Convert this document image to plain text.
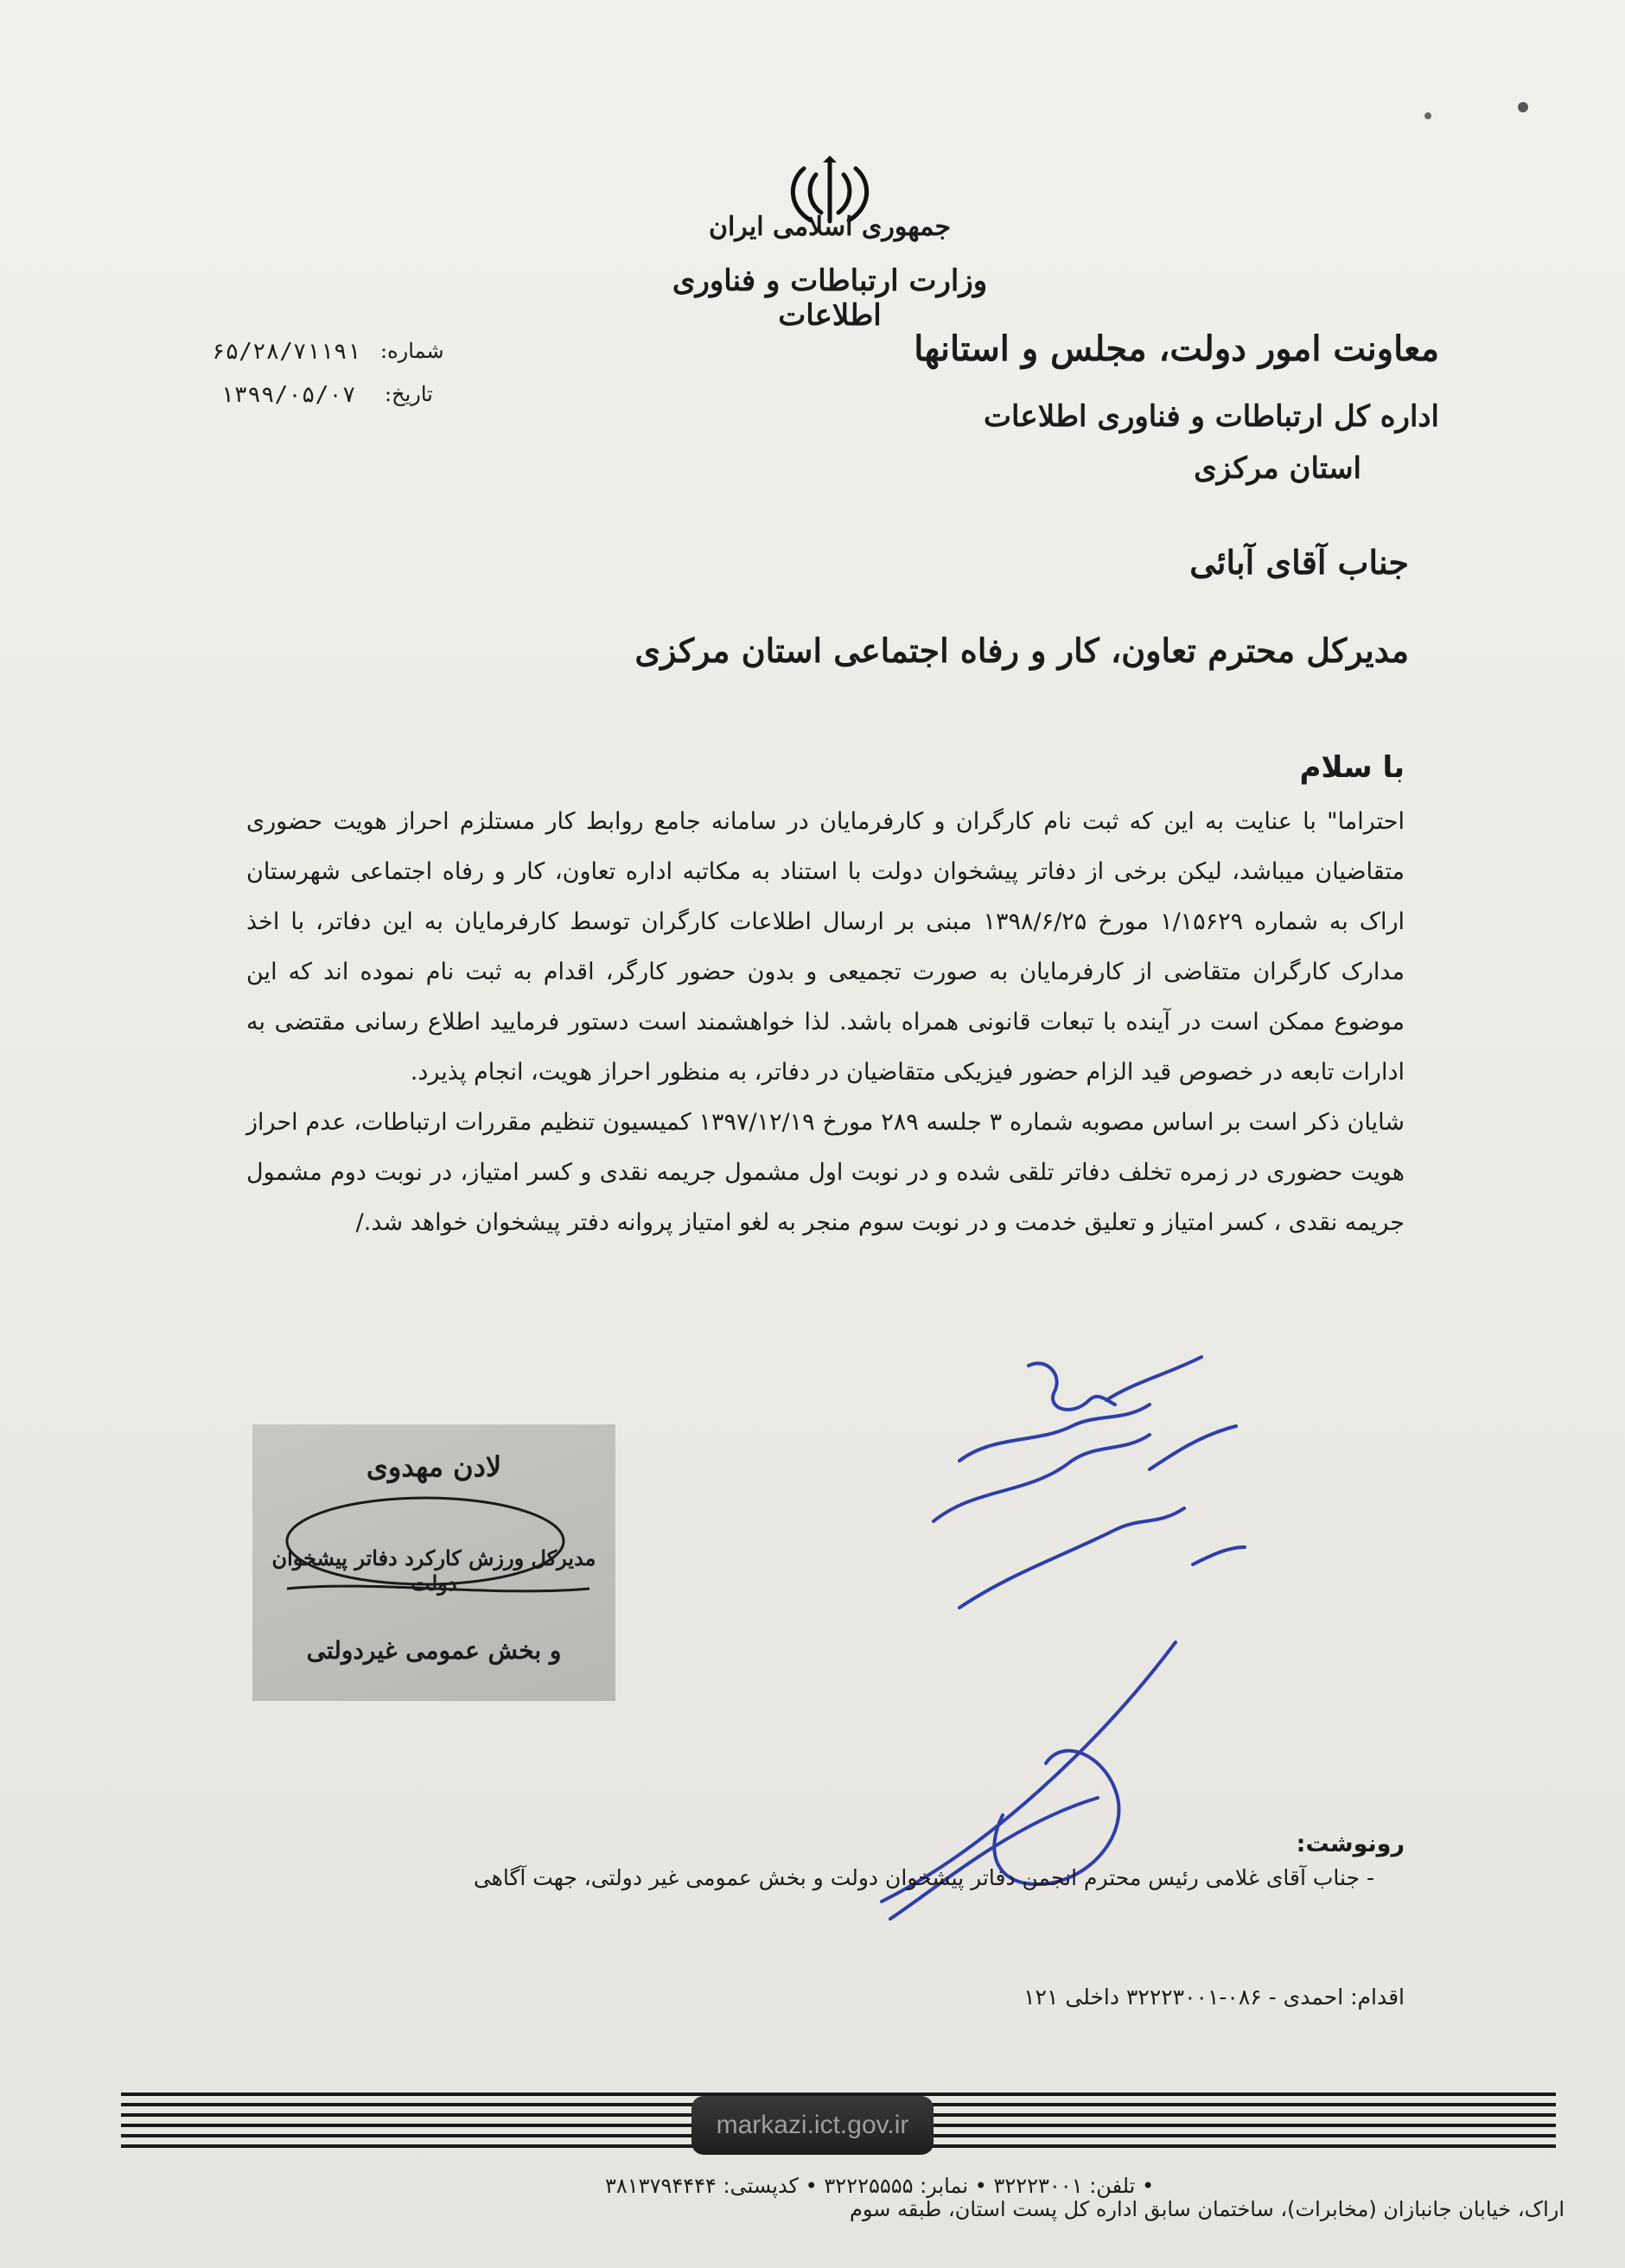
جمهوری اسلامی ایران
وزارت ارتباطات و فناوری اطلاعات
شماره:
۶۵/۲۸/۷۱۱۹۱
تاریخ:
۱۳۹۹/۰۵/۰۷
معاونت امور دولت، مجلس و استانها
اداره کل ارتباطات و فناوری اطلاعات
استان مرکزی
جناب آقای آبائی
مدیرکل محترم تعاون، کار و رفاه اجتماعی استان مرکزی
با سلام

احتراما" با عنایت به این که ثبت نام کارگران و کارفرمایان در سامانه جامع روابط کار مستلزم احراز هویت حضوری متقاضیان میباشد، لیکن برخی از دفاتر پیشخوان دولت با استناد به مکاتبه اداره تعاون، کار و رفاه اجتماعی شهرستان اراک به شماره ۱/۱۵۶۲۹ مورخ ۱۳۹۸/۶/۲۵ مبنی بر ارسال اطلاعات کارگران توسط کارفرمایان به این دفاتر، با اخذ مدارک کارگران متقاضی از کارفرمایان به صورت تجمیعی و بدون حضور کارگر، اقدام به ثبت نام نموده اند که این موضوع ممکن است در آینده با تبعات قانونی همراه باشد. لذا خواهشمند است دستور فرمایید اطلاع رسانی مقتضی به ادارات تابعه در خصوص قید الزام حضور فیزیکی متقاضیان در دفاتر، به منظور احراز هویت، انجام پذیرد.

شایان ذکر است بر اساس مصوبه شماره ۳ جلسه ۲۸۹ مورخ ۱۳۹۷/۱۲/۱۹ کمیسیون تنظیم مقررات ارتباطات، عدم احراز هویت حضوری در زمره تخلف دفاتر تلقی شده و در نوبت اول مشمول جریمه نقدی و کسر امتیاز، در نوبت دوم مشمول جریمه نقدی ، کسر امتیاز و تعلیق خدمت و در نوبت سوم منجر به لغو امتیاز پروانه دفتر پیشخوان خواهد شد./

لادن مهدوی
مدیرکل ورزش کارکرد دفاتر پیشخوان دولت
و بخش عمومی غیردولتی
رونوشت:
- جناب آقای غلامی رئیس محترم انجمن دفاتر پیشخوان دولت و بخش عمومی غیر دولتی، جهت آگاهی
اقدام: احمدی - ۰۸۶-۳۲۲۲۳۰۰۱ داخلی ۱۲۱
markazi.ict.gov.ir
اراک، خیابان جانبازان (مخابرات)، ساختمان سابق اداره کل پست استان، طبقه سوم
• تلفن: ۳۲۲۲۳۰۰۱ • نمابر: ۳۲۲۲۵۵۵۵ • کدپستی: ۳۸۱۳۷۹۴۴۴۴
